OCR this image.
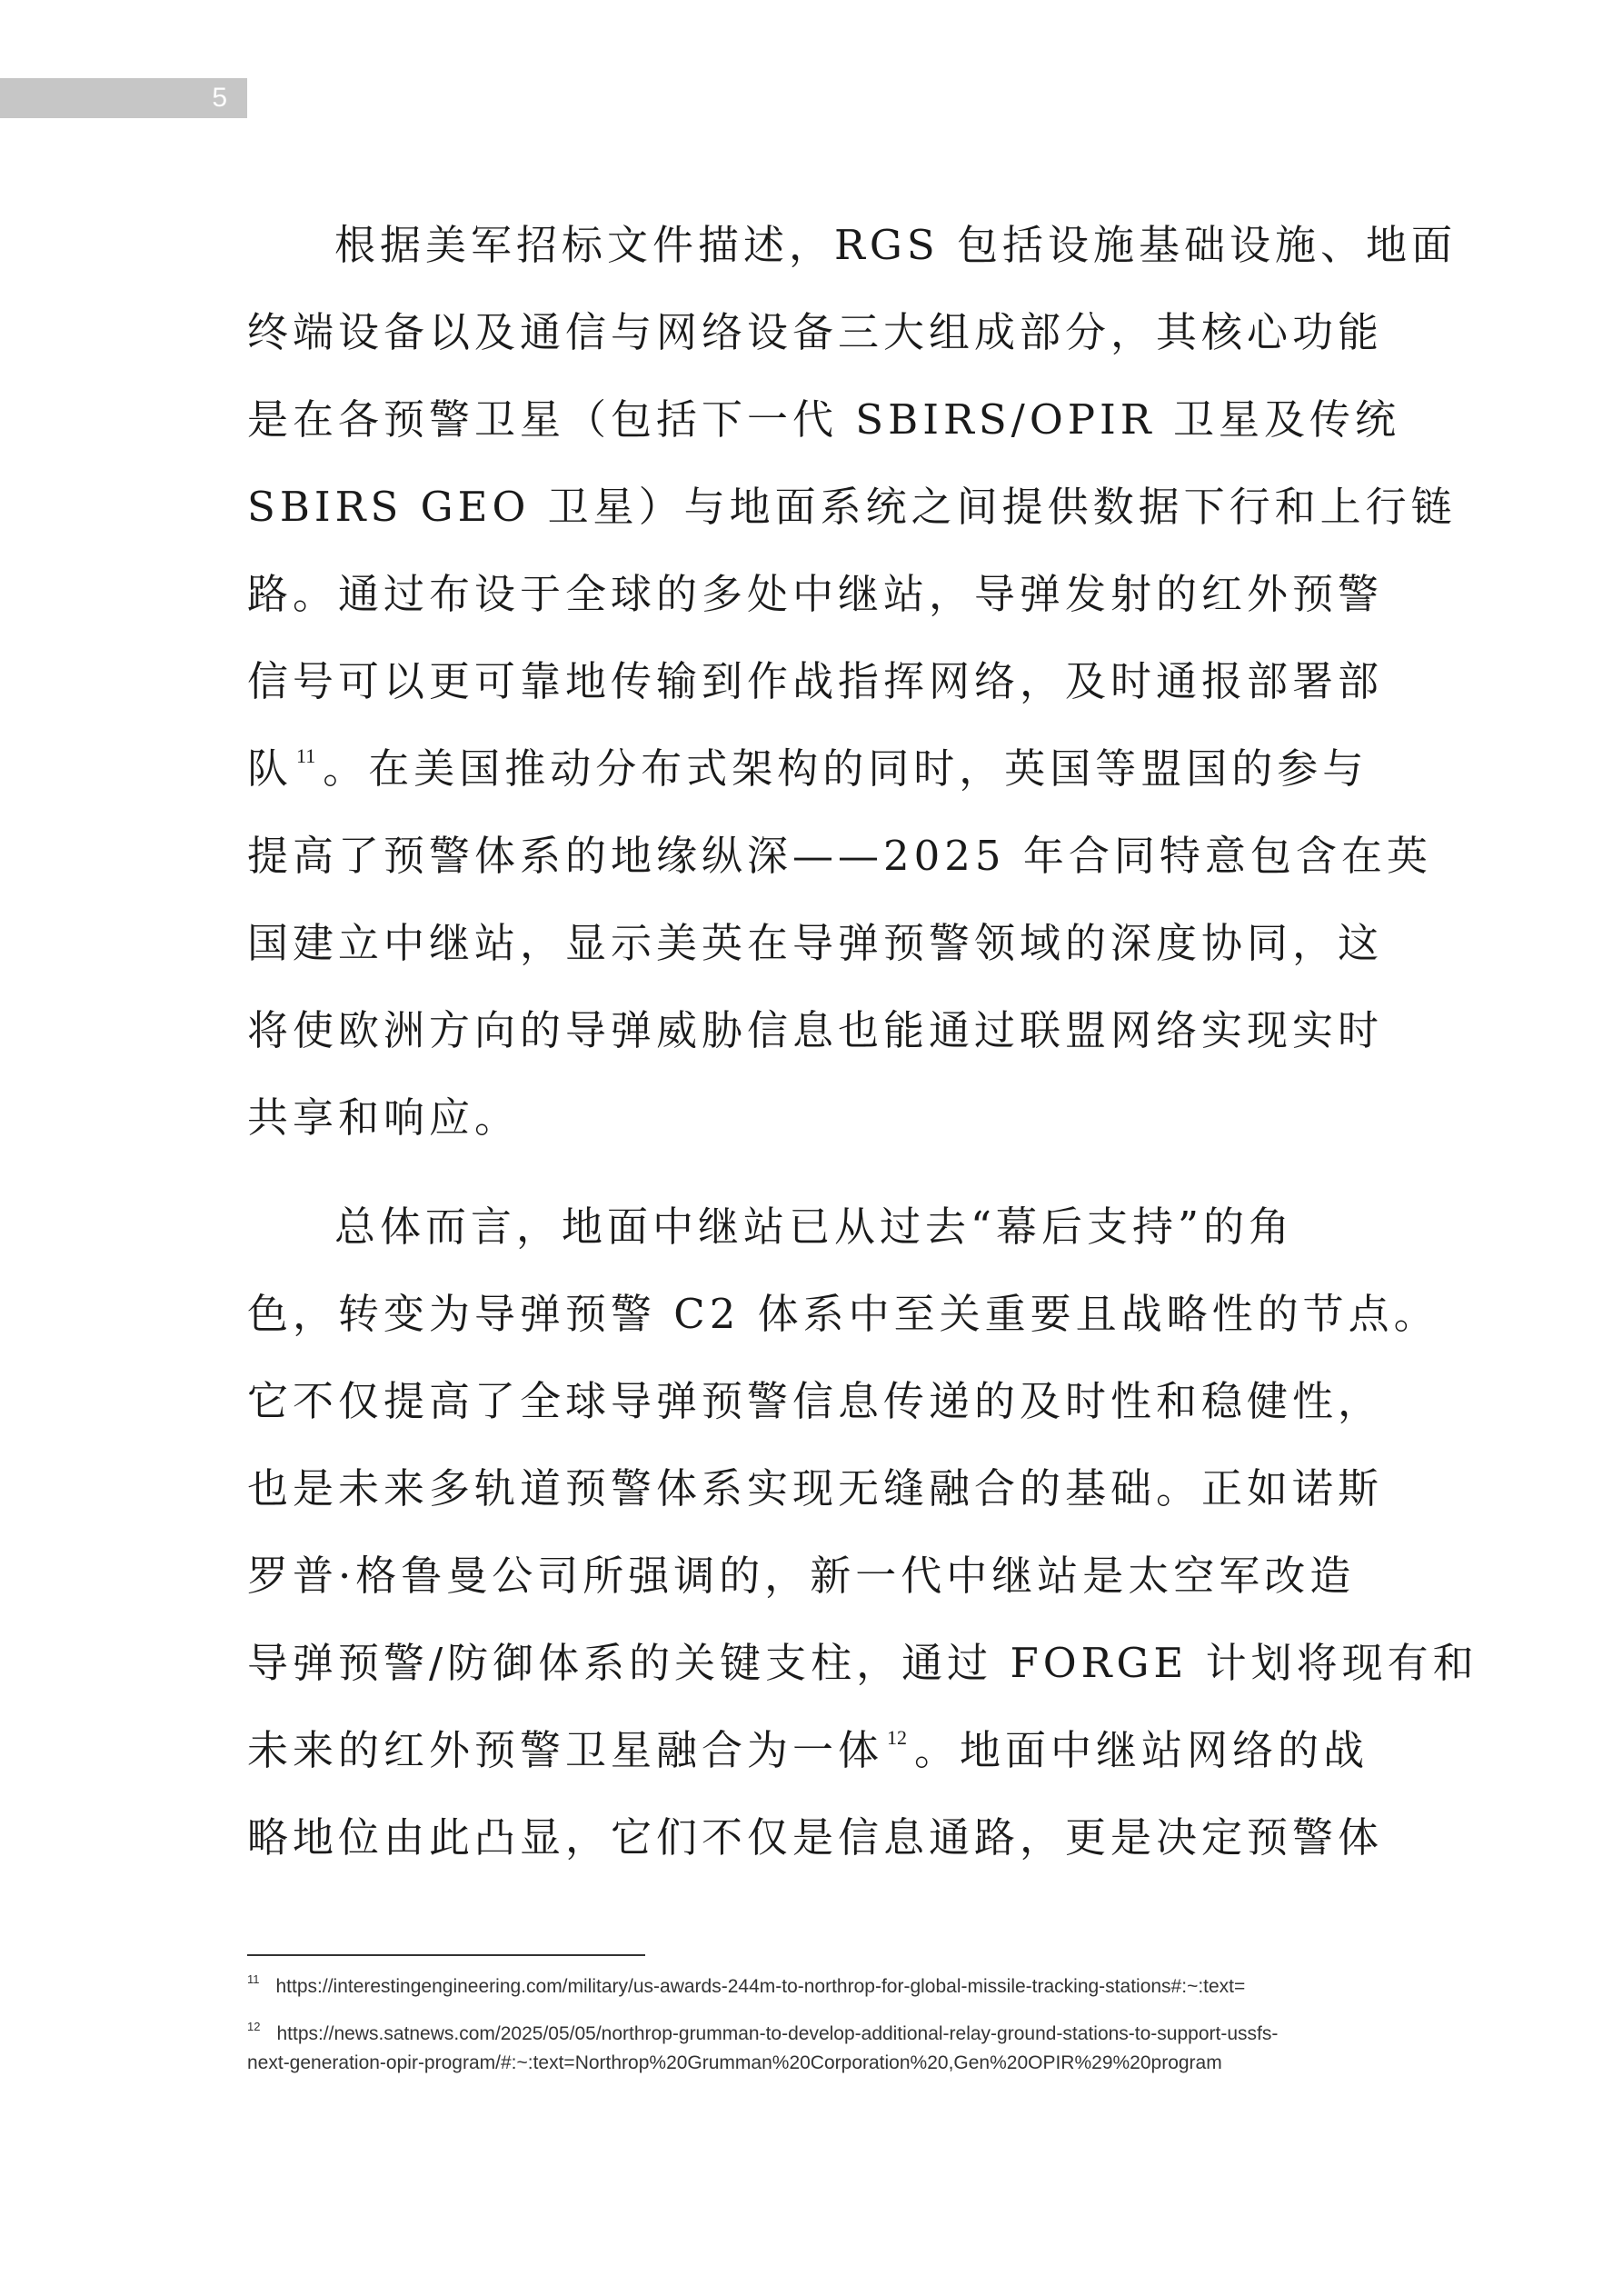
5

根据美军招标文件描述，RGS 包括设施基础设施、地面
终端设备以及通信与网络设备三大组成部分，其核心功能
是在各预警卫星（包括下一代 SBIRS/OPIR 卫星及传统
SBIRS GEO 卫星）与地面系统之间提供数据下行和上行链
路。通过布设于全球的多处中继站，导弹发射的红外预警
信号可以更可靠地传输到作战指挥网络，及时通报部署部
队 $^{11}$ 。在美国推动分布式架构的同时，英国等盟国的参与
提高了预警体系的地缘纵深——2025 年合同特意包含在英
国建立中继站，显示美英在导弹预警领域的深度协同，这
将使欧洲方向的导弹威胁信息也能通过联盟网络实现实时
共享和响应。

总体而言，地面中继站已从过去“幕后支持”的角
色，转变为导弹预警 C2 体系中至关重要且战略性的节点。
它不仅提高了全球导弹预警信息传递的及时性和稳健性，
也是未来多轨道预警体系实现无缝融合的基础。正如诺斯
罗普·格鲁曼公司所强调的，新一代中继站是太空军改造
导弹预警/防御体系的关键支柱，通过 FORGE 计划将现有和
未来的红外预警卫星融合为一体 $^{12}$ 。地面中继站网络的战
略地位由此凸显，它们不仅是信息通路，更是决定预警体

$^{11}$ https://interestingengineering.com/military/us-awards-244m-to-northrop-for-global-missile-tracking-stations#:~:text=

$^{12}$ https://news.satnews.com/2025/05/05/northrop-grumman-to-develop-additional-relay-ground-stations-to-support-ussfs-
next-generation-opir-program/#:~:text=Northrop%20Grumman%20Corporation%20,Gen%20OPIR%29%20program
